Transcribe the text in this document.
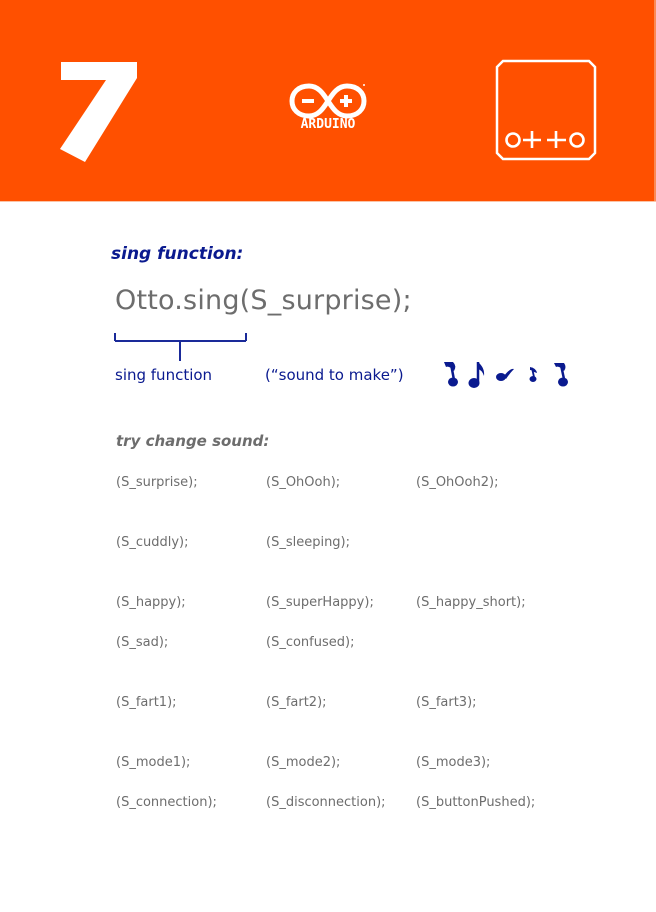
ARDUINO
sing function:
Otto.sing(S_surprise);
sing function	(“sound to make”)
try change sound:
(S_surprise);	(S_OhOoh);	(S_OhOoh2);
(S_cuddly);	(S_sleeping);
(S_happy);	(S_superHappy);	(S_happy_short);
(S_sad);	(S_confused);
(S_fart1);	(S_fart2);	(S_fart3);
(S_mode1);	(S_mode2);	(S_mode3);
(S_connection);	(S_disconnection); (S_buttonPushed);
